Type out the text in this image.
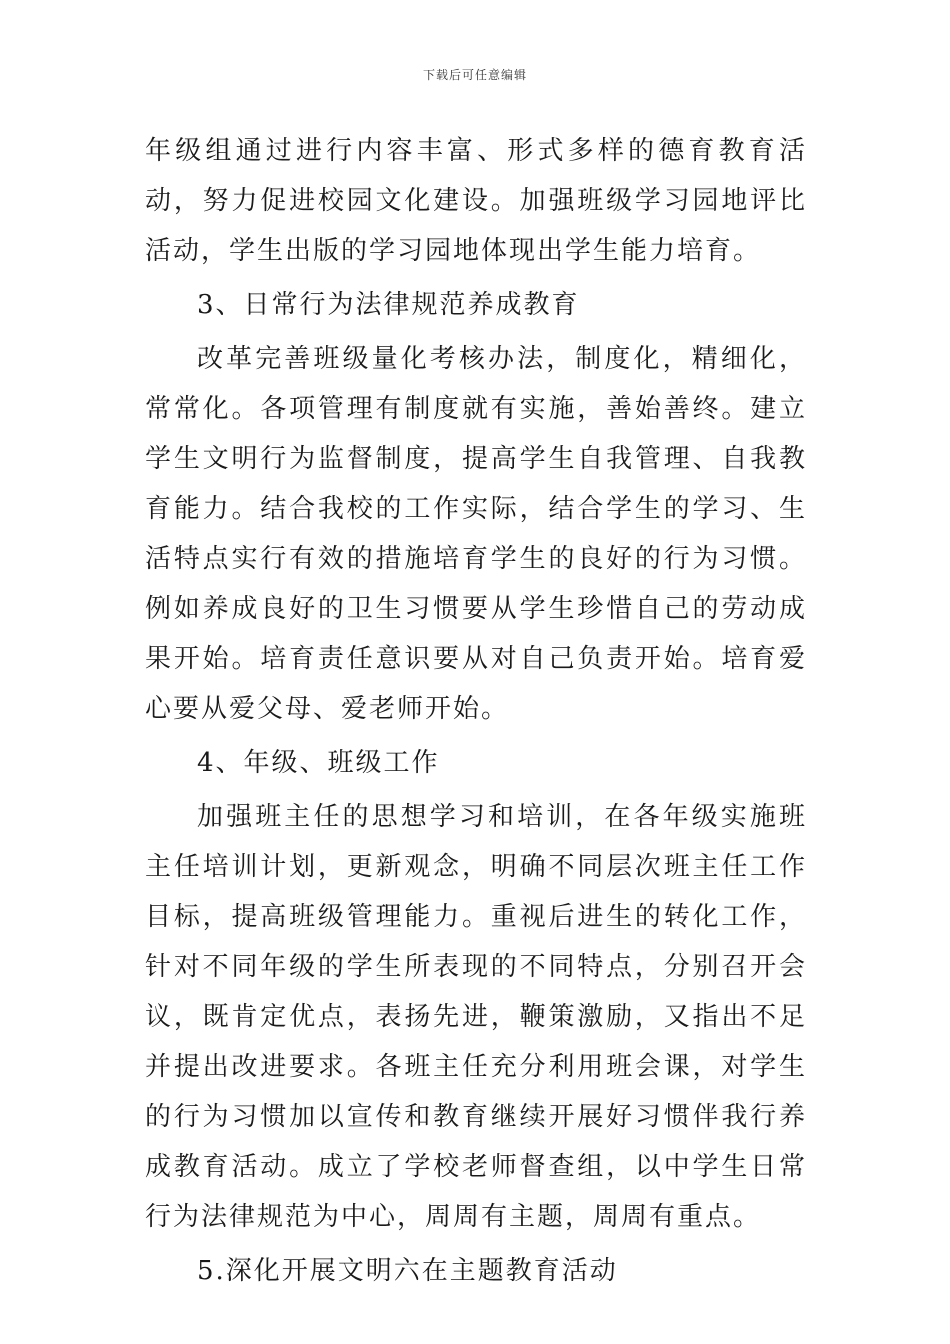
下载后可任意编辑

年级组通过进行内容丰富、形式多样的德育教育活动，努力促进校园文化建设。加强班级学习园地评比活动，学生出版的学习园地体现出学生能力培育。

3、日常行为法律规范养成教育

改革完善班级量化考核办法，制度化，精细化，常常化。各项管理有制度就有实施，善始善终。建立学生文明行为监督制度，提高学生自我管理、自我教育能力。结合我校的工作实际，结合学生的学习、生活特点实行有效的措施培育学生的良好的行为习惯。例如养成良好的卫生习惯要从学生珍惜自己的劳动成果开始。培育责任意识要从对自己负责开始。培育爱心要从爱父母、爱老师开始。

4、年级、班级工作

加强班主任的思想学习和培训，在各年级实施班主任培训计划，更新观念，明确不同层次班主任工作目标，提高班级管理能力。重视后进生的转化工作，针对不同年级的学生所表现的不同特点，分别召开会议，既肯定优点，表扬先进，鞭策激励，又指出不足并提出改进要求。各班主任充分利用班会课，对学生的行为习惯加以宣传和教育继续开展好习惯伴我行养成教育活动。成立了学校老师督查组，以中学生日常行为法律规范为中心，周周有主题，周周有重点。

5.深化开展文明六在主题教育活动
